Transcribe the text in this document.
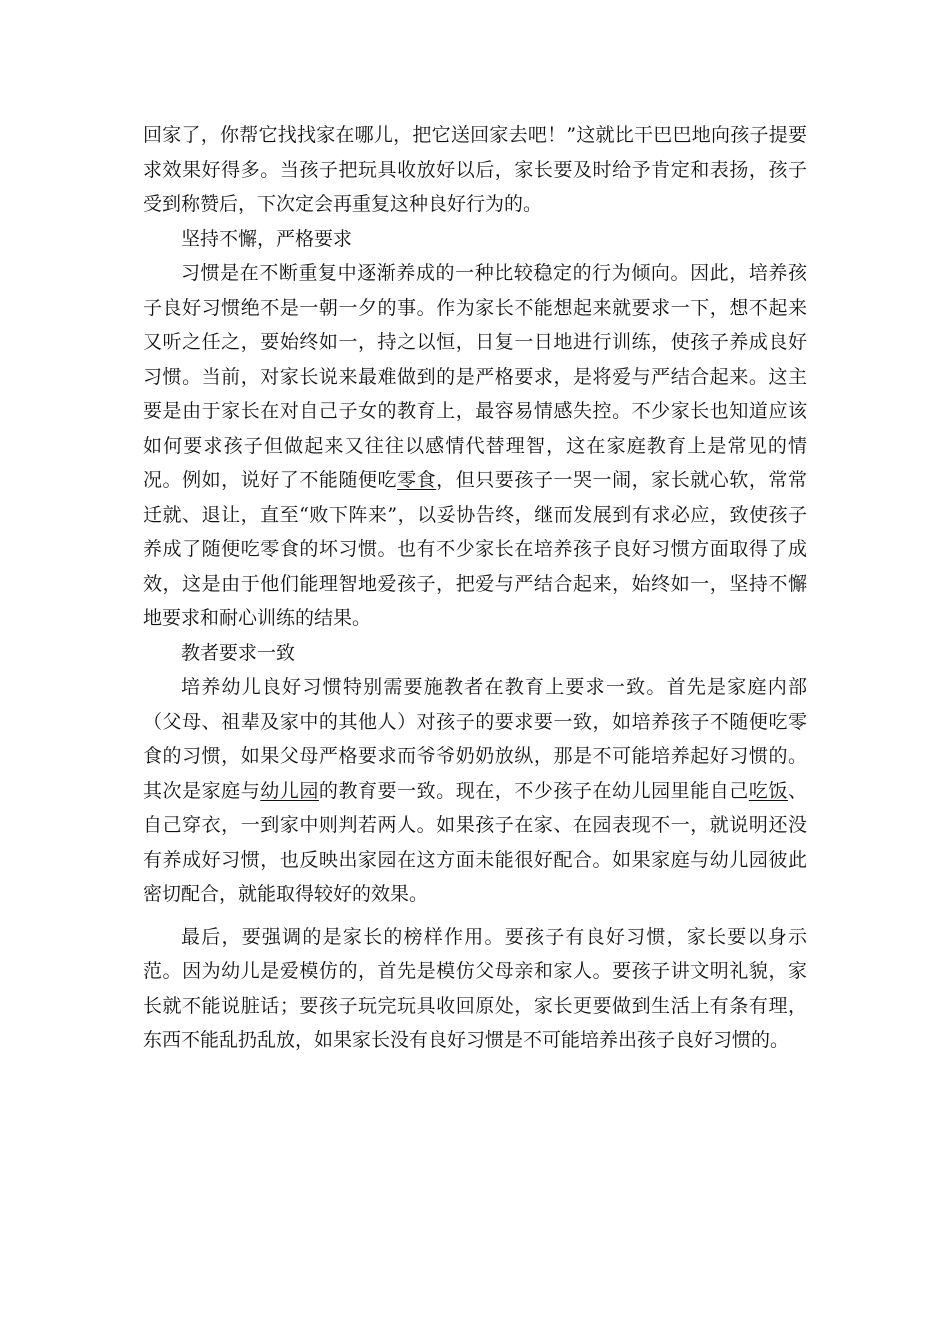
回家了，你帮它找找家在哪儿，把它送回家去吧！”这就比干巴巴地向孩子提要求效果好得多。当孩子把玩具收放好以后，家长要及时给予肯定和表扬，孩子受到称赞后，下次定会再重复这种良好行为的。

坚持不懈，严格要求

习惯是在不断重复中逐渐养成的一种比较稳定的行为倾向。因此，培养孩子良好习惯绝不是一朝一夕的事。作为家长不能想起来就要求一下，想不起来又听之任之，要始终如一，持之以恒，日复一日地进行训练，使孩子养成良好习惯。当前，对家长说来最难做到的是严格要求，是将爱与严结合起来。这主要是由于家长在对自己子女的教育上，最容易情感失控。不少家长也知道应该如何要求孩子但做起来又往往以感情代替理智，这在家庭教育上是常见的情况。例如，说好了不能随便吃零食，但只要孩子一哭一闹，家长就心软，常常迁就、退让，直至“败下阵来”，以妥协告终，继而发展到有求必应，致使孩子养成了随便吃零食的坏习惯。也有不少家长在培养孩子良好习惯方面取得了成效，这是由于他们能理智地爱孩子，把爱与严结合起来，始终如一，坚持不懈地要求和耐心训练的结果。

教者要求一致

培养幼儿良好习惯特别需要施教者在教育上要求一致。首先是家庭内部（父母、祖辈及家中的其他人）对孩子的要求要一致，如培养孩子不随便吃零食的习惯，如果父母严格要求而爷爷奶奶放纵，那是不可能培养起好习惯的。其次是家庭与幼儿园的教育要一致。现在，不少孩子在幼儿园里能自己吃饭、自己穿衣，一到家中则判若两人。如果孩子在家、在园表现不一，就说明还没有养成好习惯，也反映出家园在这方面未能很好配合。如果家庭与幼儿园彼此密切配合，就能取得较好的效果。

最后，要强调的是家长的榜样作用。要孩子有良好习惯，家长要以身示范。因为幼儿是爱模仿的，首先是模仿父母亲和家人。要孩子讲文明礼貌，家长就不能说脏话；要孩子玩完玩具收回原处，家长更要做到生活上有条有理，东西不能乱扔乱放，如果家长没有良好习惯是不可能培养出孩子良好习惯的。
